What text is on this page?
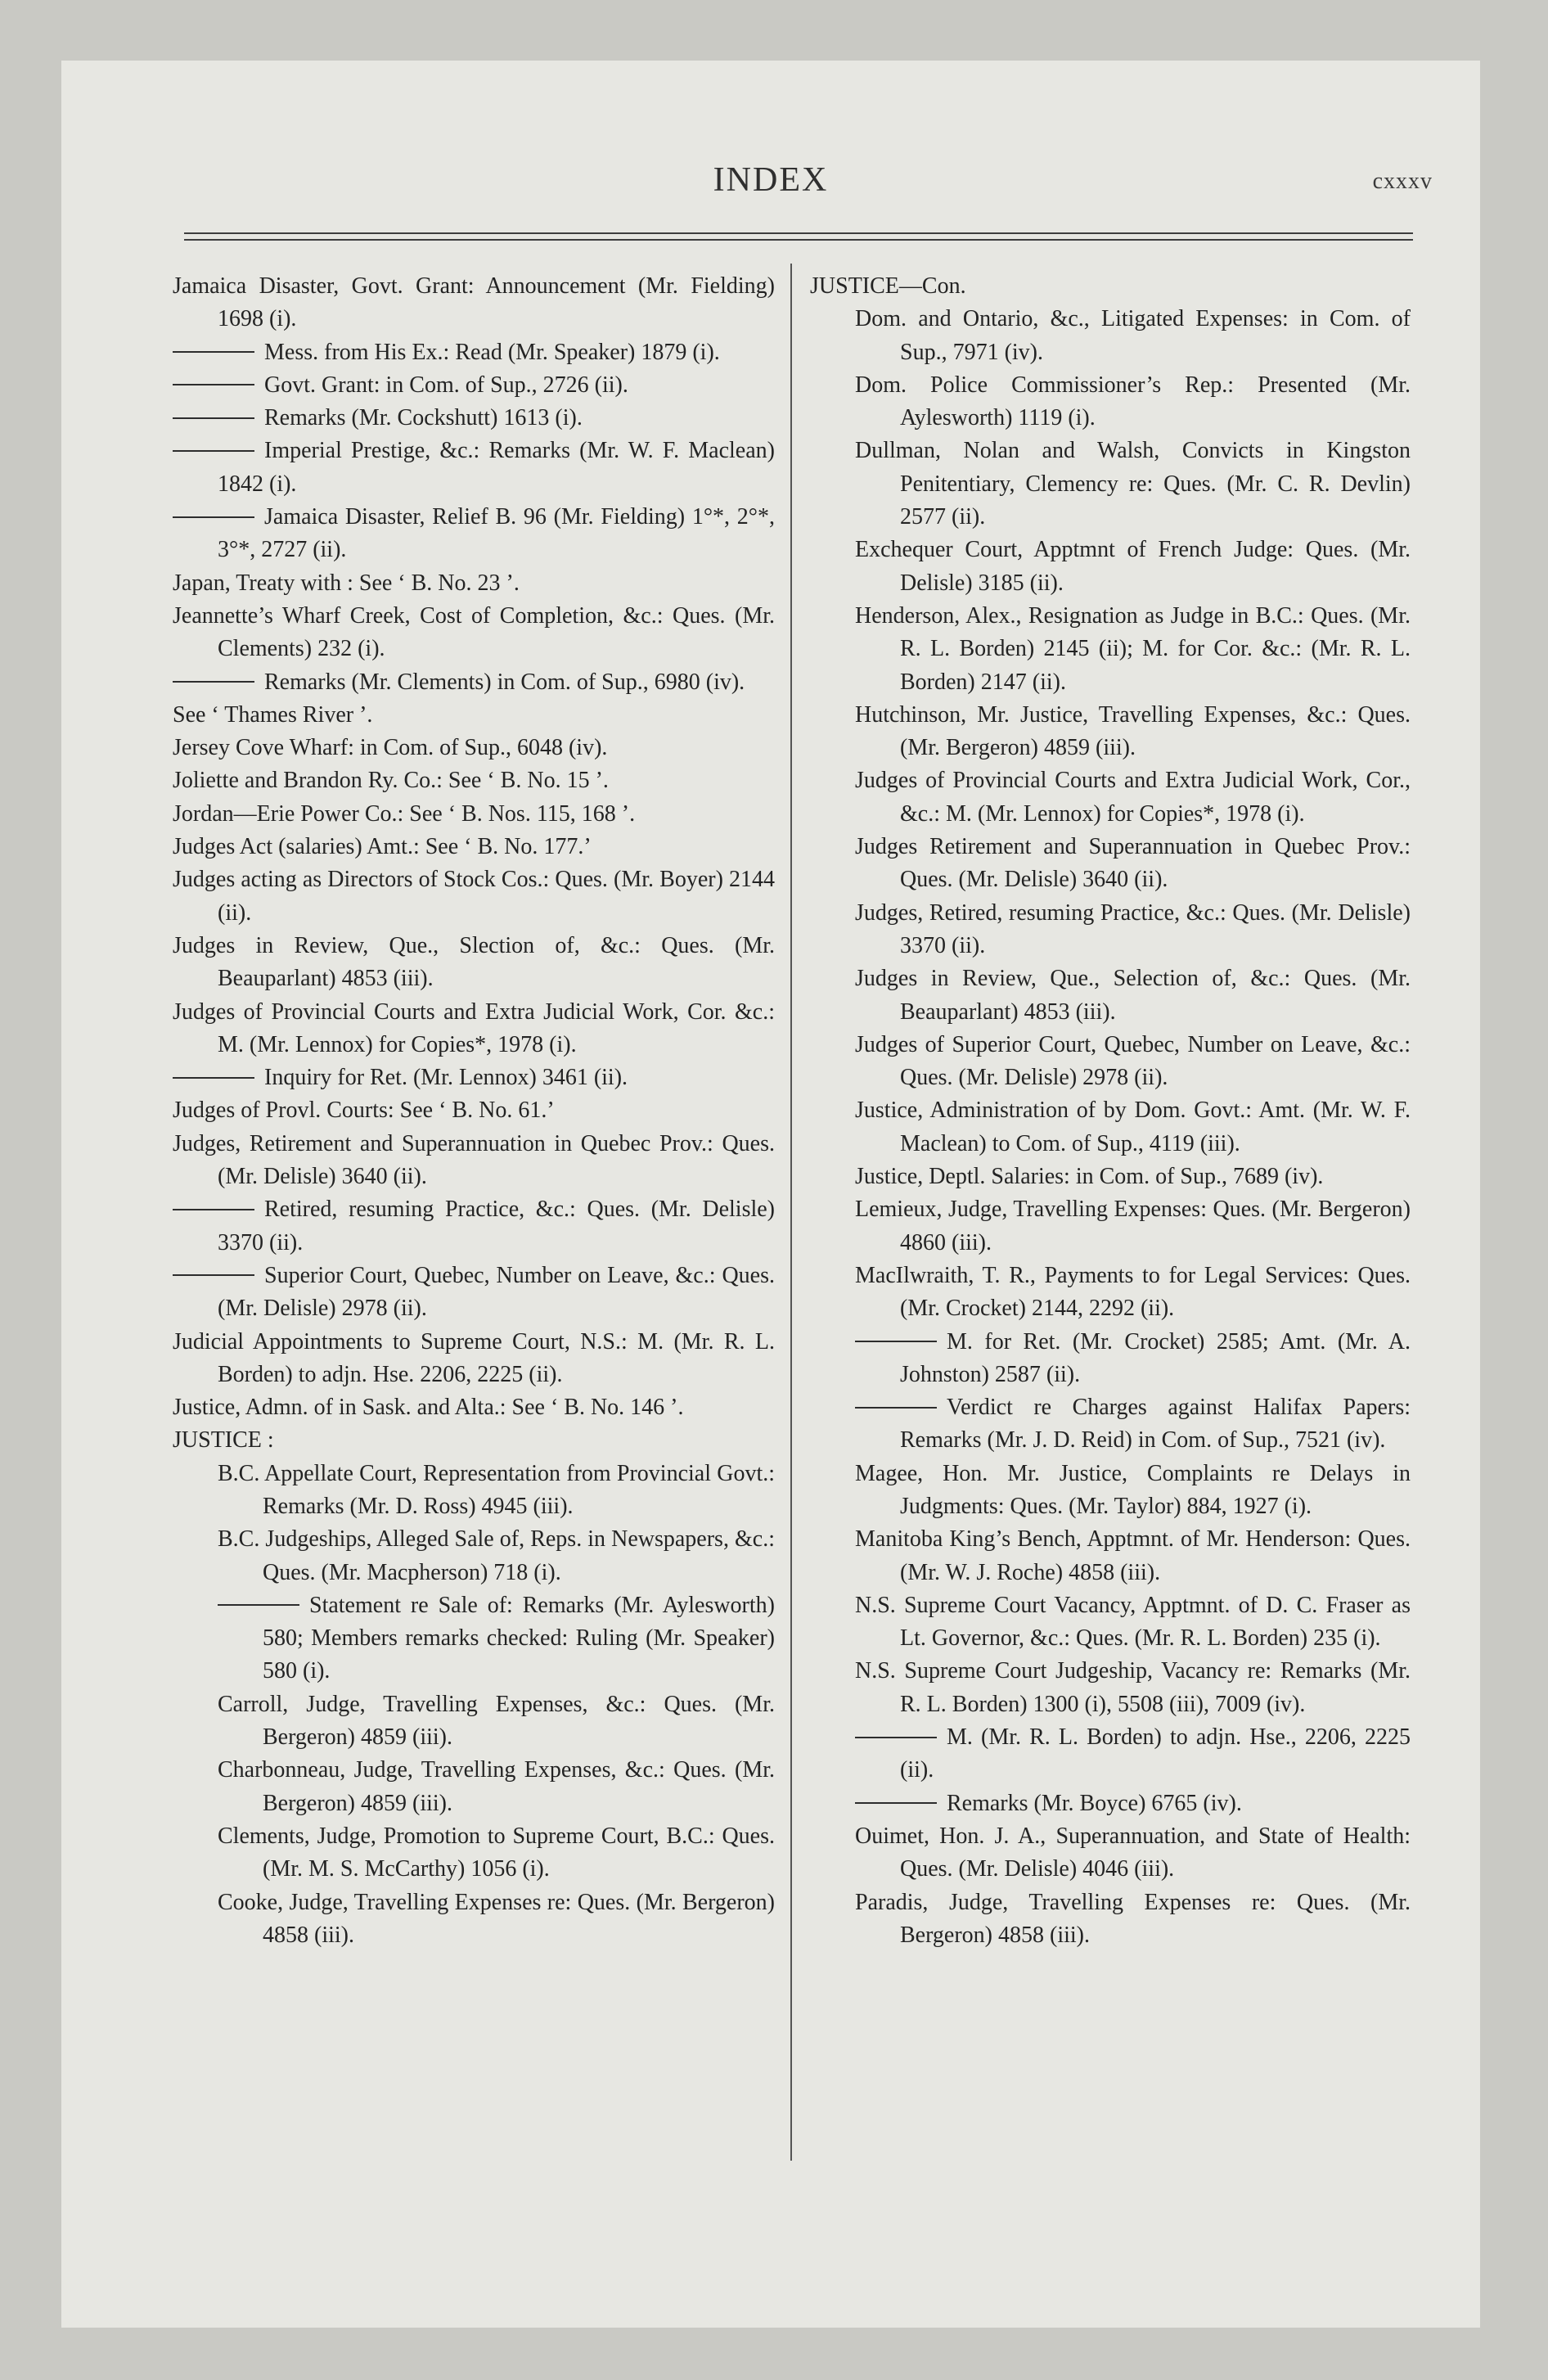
INDEX	cxxxv

Jamaica Disaster, Govt. Grant: Announcement (Mr. Fielding) 1698 (i).

Mess. from His Ex.: Read (Mr. Speaker) 1879 (i).

Govt. Grant: in Com. of Sup., 2726 (ii).

Remarks (Mr. Cockshutt) 1613 (i).

Imperial Prestige, &c.: Remarks (Mr. W. F. Maclean) 1842 (i).

Jamaica Disaster, Relief B. 96 (Mr. Fielding) 1°*, 2°*, 3°*, 2727 (ii).

Japan, Treaty with : See ‘ B. No. 23 ’.

Jeannette’s Wharf Creek, Cost of Completion, &c.: Ques. (Mr. Clements) 232 (i).

Remarks (Mr. Clements) in Com. of Sup., 6980 (iv).

See ‘ Thames River ’.

Jersey Cove Wharf: in Com. of Sup., 6048 (iv).

Joliette and Brandon Ry. Co.: See ‘ B. No. 15 ’.

Jordan—Erie Power Co.: See ‘ B. Nos. 115, 168 ’.

Judges Act (salaries) Amt.: See ‘ B. No. 177.’

Judges acting as Directors of Stock Cos.: Ques. (Mr. Boyer) 2144 (ii).

Judges in Review, Que., Slection of, &c.: Ques. (Mr. Beauparlant) 4853 (iii).

Judges of Provincial Courts and Extra Judicial Work, Cor. &c.: M. (Mr. Lennox) for Copies*, 1978 (i).

Inquiry for Ret. (Mr. Lennox) 3461 (ii).

Judges of Provl. Courts: See ‘ B. No. 61.’

Judges, Retirement and Superannuation in Quebec Prov.: Ques. (Mr. Delisle) 3640 (ii).

Retired, resuming Practice, &c.: Ques. (Mr. Delisle) 3370 (ii).

Superior Court, Quebec, Number on Leave, &c.: Ques. (Mr. Delisle) 2978 (ii).

Judicial Appointments to Supreme Court, N.S.: M. (Mr. R. L. Borden) to adjn. Hse. 2206, 2225 (ii).

Justice, Admn. of in Sask. and Alta.: See ‘ B. No. 146 ’.

JUSTICE :

B.C. Appellate Court, Representation from Provincial Govt.: Remarks (Mr. D. Ross) 4945 (iii).

B.C. Judgeships, Alleged Sale of, Reps. in Newspapers, &c.: Ques. (Mr. Macpherson) 718 (i).

Statement re Sale of: Remarks (Mr. Aylesworth) 580; Members remarks checked: Ruling (Mr. Speaker) 580 (i).

Carroll, Judge, Travelling Expenses, &c.: Ques. (Mr. Bergeron) 4859 (iii).

Charbonneau, Judge, Travelling Expenses, &c.: Ques. (Mr. Bergeron) 4859 (iii).

Clements, Judge, Promotion to Supreme Court, B.C.: Ques. (Mr. M. S. McCarthy) 1056 (i).

Cooke, Judge, Travelling Expenses re: Ques. (Mr. Bergeron) 4858 (iii).

JUSTICE—Con.

Dom. and Ontario, &c., Litigated Expenses: in Com. of Sup., 7971 (iv).

Dom. Police Commissioner’s Rep.: Presented (Mr. Aylesworth) 1119 (i).

Dullman, Nolan and Walsh, Convicts in Kingston Penitentiary, Clemency re: Ques. (Mr. C. R. Devlin) 2577 (ii).

Exchequer Court, Apptmnt of French Judge: Ques. (Mr. Delisle) 3185 (ii).

Henderson, Alex., Resignation as Judge in B.C.: Ques. (Mr. R. L. Borden) 2145 (ii); M. for Cor. &c.: (Mr. R. L. Borden) 2147 (ii).

Hutchinson, Mr. Justice, Travelling Expenses, &c.: Ques. (Mr. Bergeron) 4859 (iii).

Judges of Provincial Courts and Extra Judicial Work, Cor., &c.: M. (Mr. Lennox) for Copies*, 1978 (i).

Judges Retirement and Superannuation in Quebec Prov.: Ques. (Mr. Delisle) 3640 (ii).

Judges, Retired, resuming Practice, &c.: Ques. (Mr. Delisle) 3370 (ii).

Judges in Review, Que., Selection of, &c.: Ques. (Mr. Beauparlant) 4853 (iii).

Judges of Superior Court, Quebec, Number on Leave, &c.: Ques. (Mr. Delisle) 2978 (ii).

Justice, Administration of by Dom. Govt.: Amt. (Mr. W. F. Maclean) to Com. of Sup., 4119 (iii).

Justice, Deptl. Salaries: in Com. of Sup., 7689 (iv).

Lemieux, Judge, Travelling Expenses: Ques. (Mr. Bergeron) 4860 (iii).

MacIlwraith, T. R., Payments to for Legal Services: Ques. (Mr. Crocket) 2144, 2292 (ii).

M. for Ret. (Mr. Crocket) 2585; Amt. (Mr. A. Johnston) 2587 (ii).

Verdict re Charges against Halifax Papers: Remarks (Mr. J. D. Reid) in Com. of Sup., 7521 (iv).

Magee, Hon. Mr. Justice, Complaints re Delays in Judgments: Ques. (Mr. Taylor) 884, 1927 (i).

Manitoba King’s Bench, Apptmnt. of Mr. Henderson: Ques. (Mr. W. J. Roche) 4858 (iii).

N.S. Supreme Court Vacancy, Apptmnt. of D. C. Fraser as Lt. Governor, &c.: Ques. (Mr. R. L. Borden) 235 (i).

N.S. Supreme Court Judgeship, Vacancy re: Remarks (Mr. R. L. Borden) 1300 (i), 5508 (iii), 7009 (iv).

M. (Mr. R. L. Borden) to adjn. Hse., 2206, 2225 (ii).

Remarks (Mr. Boyce) 6765 (iv).

Ouimet, Hon. J. A., Superannuation, and State of Health: Ques. (Mr. Delisle) 4046 (iii).

Paradis, Judge, Travelling Expenses re: Ques. (Mr. Bergeron) 4858 (iii).
